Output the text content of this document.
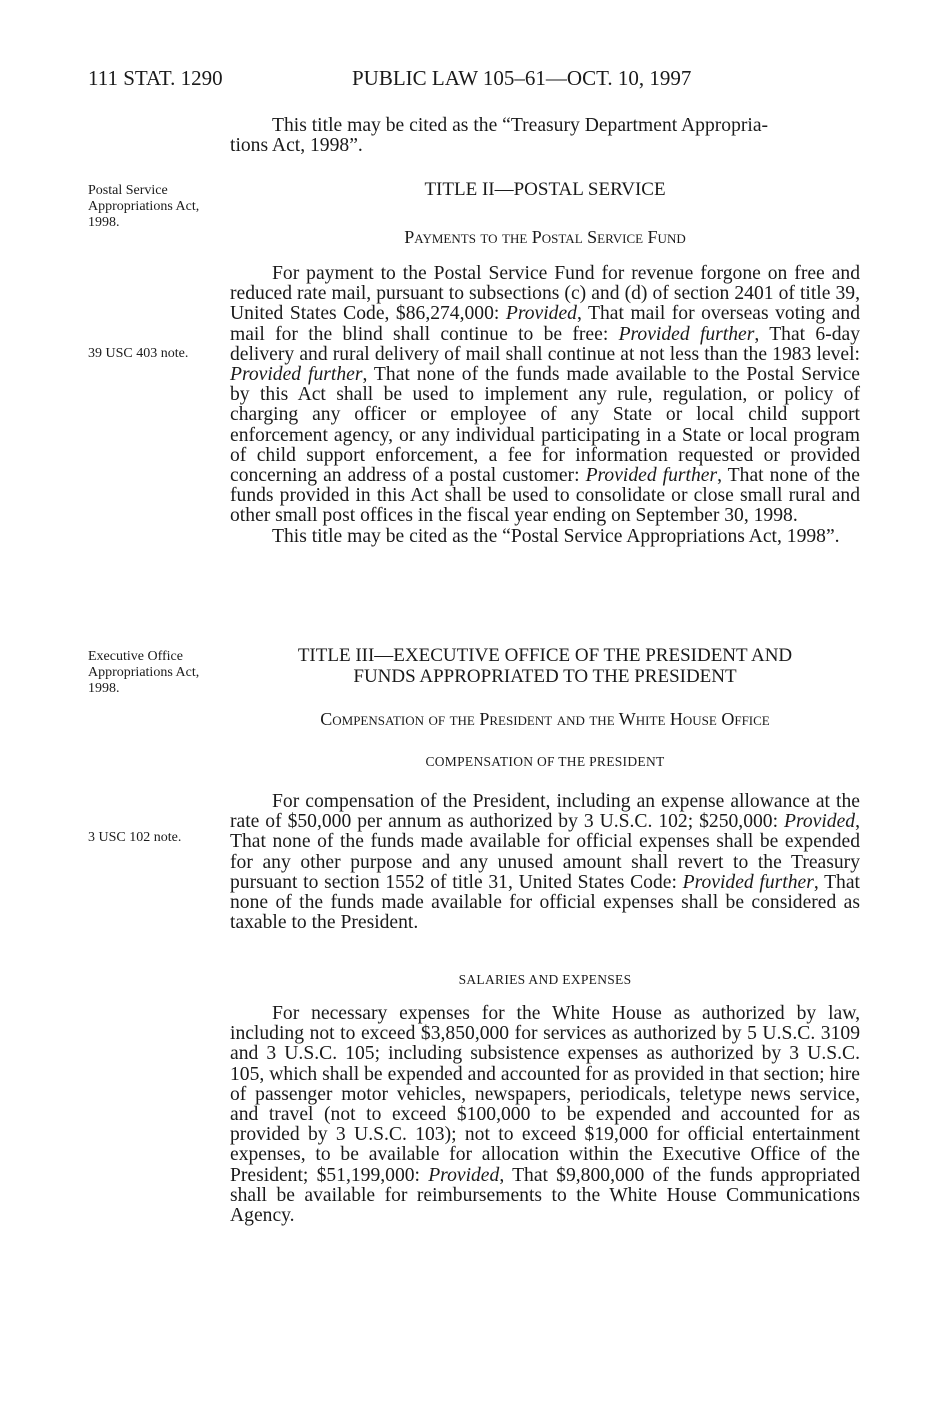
111 STAT. 1290	PUBLIC LAW 105–61—OCT. 10, 1997
This title may be cited as the “Treasury Department Appropria-
tions Act, 1998”.
Postal Service Appropriations Act, 1998.
39 USC 403 note.
Executive Office Appropriations Act, 1998.
3 USC 102 note.
TITLE II—POSTAL SERVICE
Payments to the Postal Service Fund

For payment to the Postal Service Fund for revenue forgone on free and reduced rate mail, pursuant to subsections (c) and (d) of section 2401 of title 39, United States Code, $86,274,000: Provided, That mail for overseas voting and mail for the blind shall continue to be free: Provided further, That 6-day delivery and rural delivery of mail shall continue at not less than the 1983 level: Provided further, That none of the funds made available to the Postal Service by this Act shall be used to implement any rule, regulation, or policy of charging any officer or employee of any State or local child support enforcement agency, or any individual participating in a State or local program of child support enforcement, a fee for information requested or provided concerning an address of a postal customer: Provided further, That none of the funds provided in this Act shall be used to consolidate or close small rural and other small post offices in the fiscal year ending on September 30, 1998.

This title may be cited as the “Postal Service Appropriations Act, 1998”.

TITLE III—EXECUTIVE OFFICE OF THE PRESIDENT AND
FUNDS APPROPRIATED TO THE PRESIDENT
Compensation of the President and the White House Office
COMPENSATION OF THE PRESIDENT

For compensation of the President, including an expense allowance at the rate of $50,000 per annum as authorized by 3 U.S.C. 102; $250,000: Provided, That none of the funds made available for official expenses shall be expended for any other purpose and any unused amount shall revert to the Treasury pursuant to section 1552 of title 31, United States Code: Provided further, That none of the funds made available for official expenses shall be considered as taxable to the President.

SALARIES AND EXPENSES

For necessary expenses for the White House as authorized by law, including not to exceed $3,850,000 for services as authorized by 5 U.S.C. 3109 and 3 U.S.C. 105; including subsistence expenses as authorized by 3 U.S.C. 105, which shall be expended and accounted for as provided in that section; hire of passenger motor vehicles, newspapers, periodicals, teletype news service, and travel (not to exceed $100,000 to be expended and accounted for as provided by 3 U.S.C. 103); not to exceed $19,000 for official entertainment expenses, to be available for allocation within the Executive Office of the President; $51,199,000: Provided, That $9,800,000 of the funds appropriated shall be available for reimbursements to the White House Communications Agency.
